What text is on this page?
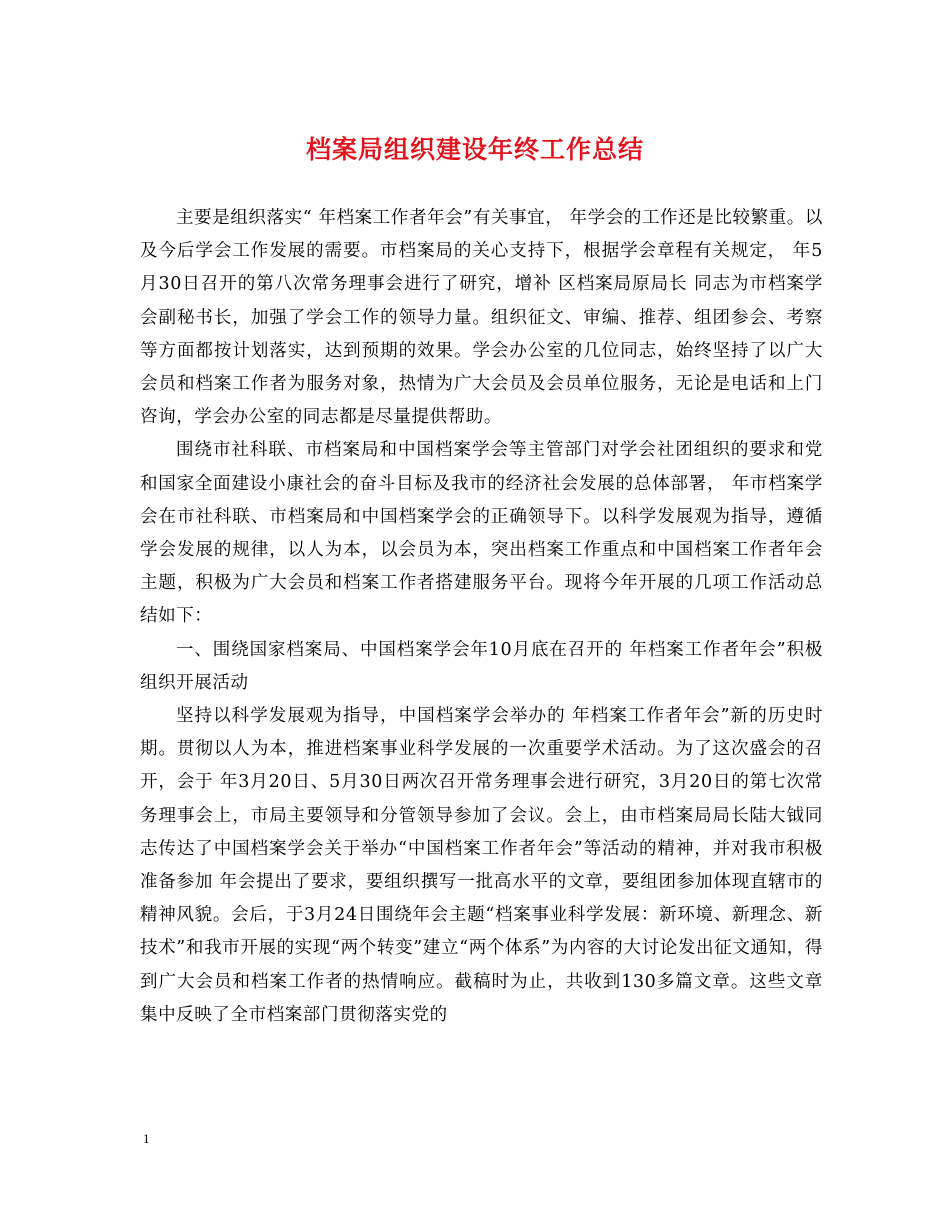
档案局组织建设年终工作总结

主要是组织落实“ 年档案工作者年会”有关事宜， 年学会的工作还是比较繁重。以及今后学会工作发展的需要。市档案局的关心支持下，根据学会章程有关规定， 年5月30日召开的第八次常务理事会进行了研究，增补 区档案局原局长 同志为市档案学会副秘书长，加强了学会工作的领导力量。组织征文、审编、推荐、组团参会、考察等方面都按计划落实，达到预期的效果。学会办公室的几位同志，始终坚持了以广大会员和档案工作者为服务对象，热情为广大会员及会员单位服务，无论是电话和上门咨询，学会办公室的同志都是尽量提供帮助。

围绕市社科联、市档案局和中国档案学会等主管部门对学会社团组织的要求和党和国家全面建设小康社会的奋斗目标及我市的经济社会发展的总体部署， 年市档案学会在市社科联、市档案局和中国档案学会的正确领导下。以科学发展观为指导，遵循学会发展的规律，以人为本，以会员为本，突出档案工作重点和中国档案工作者年会主题，积极为广大会员和档案工作者搭建服务平台。现将今年开展的几项工作活动总结如下：

一、围绕国家档案局、中国档案学会年10月底在召开的 年档案工作者年会”积极组织开展活动

坚持以科学发展观为指导，中国档案学会举办的 年档案工作者年会”新的历史时期。贯彻以人为本，推进档案事业科学发展的一次重要学术活动。为了这次盛会的召开，会于 年3月20日、5月30日两次召开常务理事会进行研究，3月20日的第七次常务理事会上，市局主要领导和分管领导参加了会议。会上，由市档案局局长陆大钺同志传达了中国档案学会关于举办“中国档案工作者年会”等活动的精神，并对我市积极准备参加 年会提出了要求，要组织撰写一批高水平的文章，要组团参加体现直辖市的精神风貌。会后，于3月24日围绕年会主题“档案事业科学发展：新环境、新理念、新技术”和我市开展的实现“两个转变”建立“两个体系”为内容的大讨论发出征文通知，得到广大会员和档案工作者的热情响应。截稿时为止，共收到130多篇文章。这些文章集中反映了全市档案部门贯彻落实党的

1
